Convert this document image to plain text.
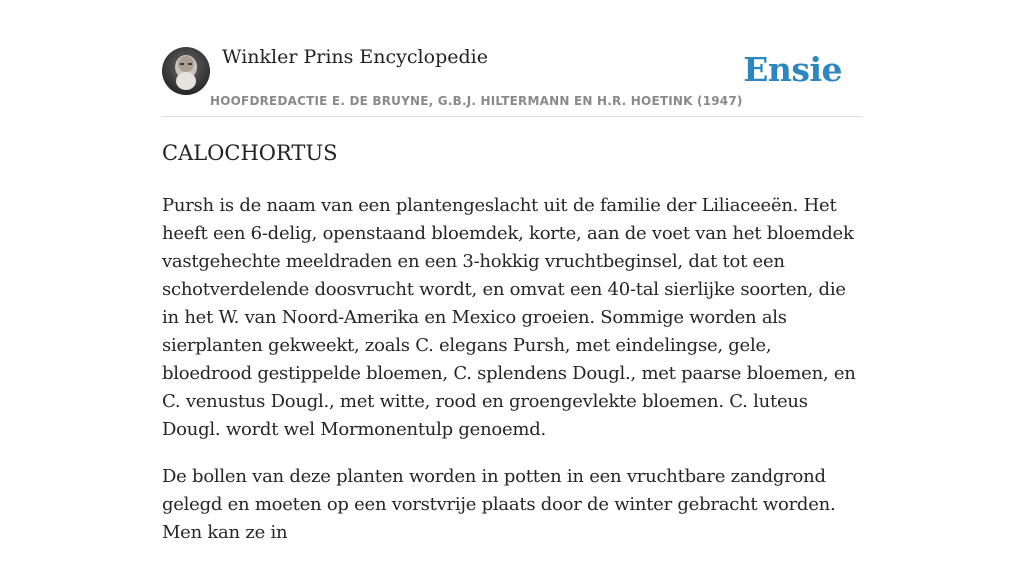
Winkler Prins Encyclopedie
HOOFDREDACTIE E. DE BRUYNE, G.B.J. HILTERMANN EN H.R. HOETINK (1947)
Ensie
CALOCHORTUS

Pursh is de naam van een plantengeslacht uit de familie der Liliaceeën. Het heeft een 6-delig, openstaand bloemdek, korte, aan de voet van het bloemdek vastgehechte meeldraden en een 3-hokkig vruchtbeginsel, dat tot een schotverdelende doosvrucht wordt, en omvat een 40-tal sierlijke soorten, die in het W. van Noord-Amerika en Mexico groeien. Sommige worden als sierplanten gekweekt, zoals C. elegans Pursh, met eindelingse, gele, bloedrood gestippelde bloemen, C. splendens Dougl., met paarse bloemen, en C. venustus Dougl., met witte, rood en groengevlekte bloemen. C. luteus Dougl. wordt wel Mormonentulp genoemd.

De bollen van deze planten worden in potten in een vruchtbare zandgrond gelegd en moeten op een vorstvrije plaats door de winter gebracht worden. Men kan ze in
